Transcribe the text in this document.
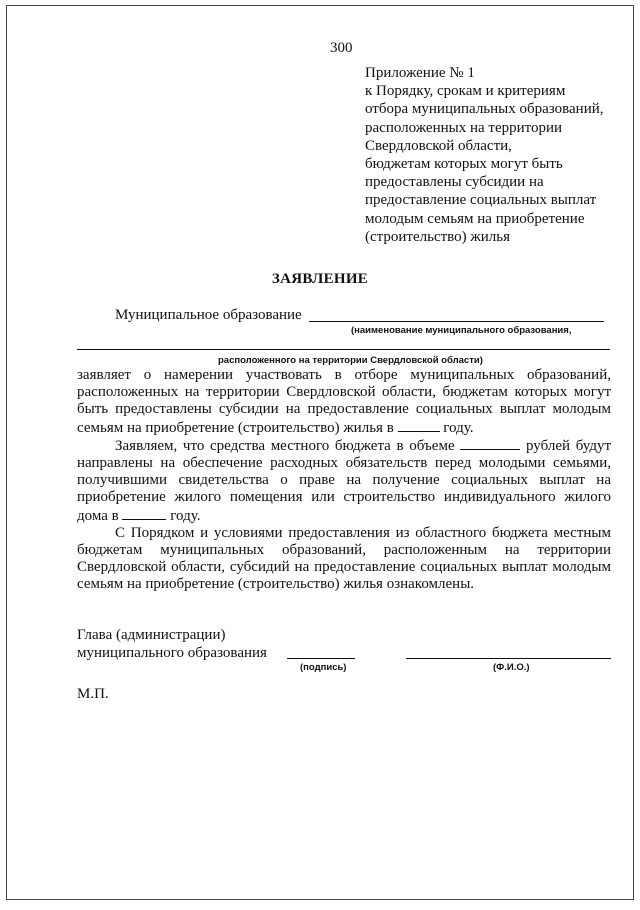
300
Приложение № 1
к Порядку, срокам и критериям
отбора муниципальных образований,
расположенных на территории
Свердловской области,
бюджетам которых могут быть
предоставлены субсидии на
предоставление социальных выплат
молодым семьям на приобретение
(строительство) жилья
ЗАЯВЛЕНИЕ
Муниципальное образование
(наименование муниципального образования,
расположенного на территории Свердловской области)

заявляет о намерении участвовать в отборе муниципальных образований, расположенных на территории Свердловской области, бюджетам которых могут быть предоставлены субсидии на предоставление социальных выплат молодым семьям на приобретение (строительство) жилья в	году.

Заявляем, что средства местного бюджета в объеме	рублей будут направлены на обеспечение расходных обязательств перед молодыми семьями, получившими свидетельства о праве на получение социальных выплат на приобретение жилого помещения или строительство индивидуального жилого дома в	году.

С Порядком и условиями предоставления из областного бюджета местным бюджетам муниципальных образований, расположенным на территории Свердловской области, субсидий на предоставление социальных выплат молодым семьям на приобретение (строительство) жилья ознакомлены.

Глава (администрации)
муниципального образования
(подпись)	(Ф.И.О.)
М.П.
